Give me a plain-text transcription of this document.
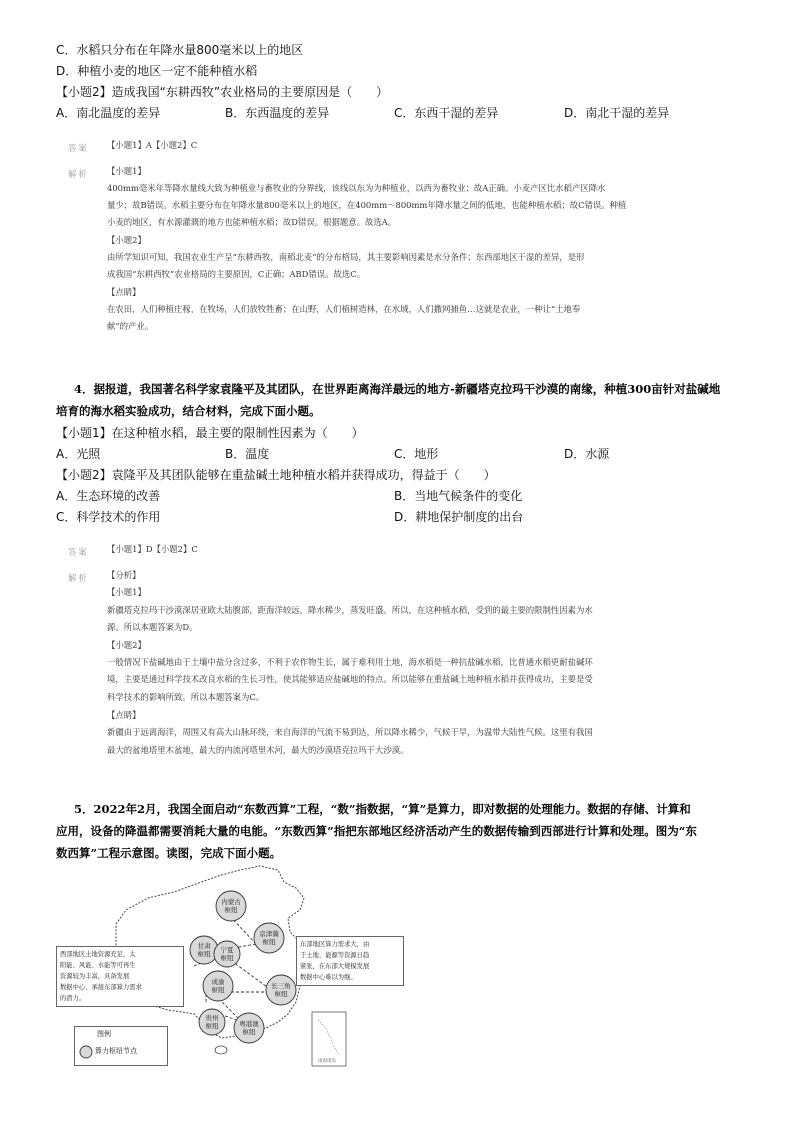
C．水稻只分布在年降水量800毫米以上的地区
D．种植小麦的地区一定不能种植水稻
【小题2】造成我国“东耕西牧”农业格局的主要原因是（　　）
A．南北温度的差异	B．东西温度的差异	C．东西干湿的差异	D．南北干湿的差异
答案 【小题1】A【小题2】C
解析 【小题1】
400mm毫米年等降水量线大致为种植业与畜牧业的分界线，该线以东为为种植业，以西为畜牧业；故A正确。小麦产区比水稻产区降水
量少；故B错误。水稻主要分布在年降水量800毫米以上的地区，在400mm～800mm年降水量之间的低地，也能种植水稻；故C错误。种植
小麦的地区，有水源灌溉的地方也能种植水稻；故D错误。根据题意。故选A。
【小题2】
由所学知识可知，我国农业生产呈“东耕西牧，南稻北麦”的分布格局，其主要影响因素是水分条件；东西部地区干湿的差异，是形
成我国“东耕西牧”农业格局的主要原因，C正确；ABD错误。故选C。
【点睛】
在农田，人们种植庄稼，在牧场，人们放牧牲畜；在山野，人们植树造林，在水域，人们撒网捕鱼…这就是农业，一种让“土地奉
献”的产业。
4．据报道，我国著名科学家袁隆平及其团队，在世界距离海洋最远的地方-新疆塔克拉玛干沙漠的南缘，种植300亩针对盐碱地
培育的海水稻实验成功，结合材料，完成下面小题。
【小题1】在这种植水稻，最主要的限制性因素为（　　）
A．光照	B．温度	C．地形	D．水源
【小题2】袁隆平及其团队能够在重盐碱土地种植水稻并获得成功，得益于（　　）
A．生态环境的改善	B．当地气候条件的变化
C．科学技术的作用	D．耕地保护制度的出台
答案 【小题1】D【小题2】C
解析 【分析】
【小题1】
新疆塔克拉玛干沙漠深居亚欧大陆腹部，距海洋较远，降水稀少，蒸发旺盛。所以，在这种植水稻，受到的最主要的限制性因素为水
源。所以本题答案为D。
【小题2】
一般情况下盐碱地由于土壤中盐分含过多，不利于农作物生长，属于难利用土地，海水稻是一种抗盐碱水稻，比普通水稻更耐盐碱环
境，主要是通过科学技术改良水稻的生长习性，使其能够适应盐碱地的特点。所以能够在重盐碱土地种植水稻并获得成功，主要是受
科学技术的影响所致。所以本题答案为C。
【点睛】
新疆由于远离海洋，周围又有高大山脉环绕，来自海洋的气流不易到达，所以降水稀少，气候干旱，为温带大陆性气候。这里有我国
最大的盆地塔里木盆地，最大的内流河塔里木河，最大的沙漠塔克拉玛干大沙漠。
5．2022年2月，我国全面启动“东数西算”工程，“数”指数据，“算”是算力，即对数据的处理能力。数据的存储、计算和
应用，设备的降温都需要消耗大量的电能。“东数西算”指把东部地区经济活动产生的数据传输到西部进行计算和处理。图为“东
数西算”工程示意图。读图，完成下面小题。
南海诸岛
内蒙古
枢纽
京津冀
枢纽
甘肃
枢纽 宁夏
枢纽
长三角
枢纽
成渝
枢纽
贵州
枢纽	粤港澳
枢纽
西部地区土地资源充足，太
阳能、风能、水能等可再生
资源较为丰富，具备发展
数据中心、承接东部算力需求
的潜力。
东部地区算力需求大，由
于土地、能源等资源日趋
紧张，在东部大规模发展
数据中心难以为继。
图例
算力枢纽节点
